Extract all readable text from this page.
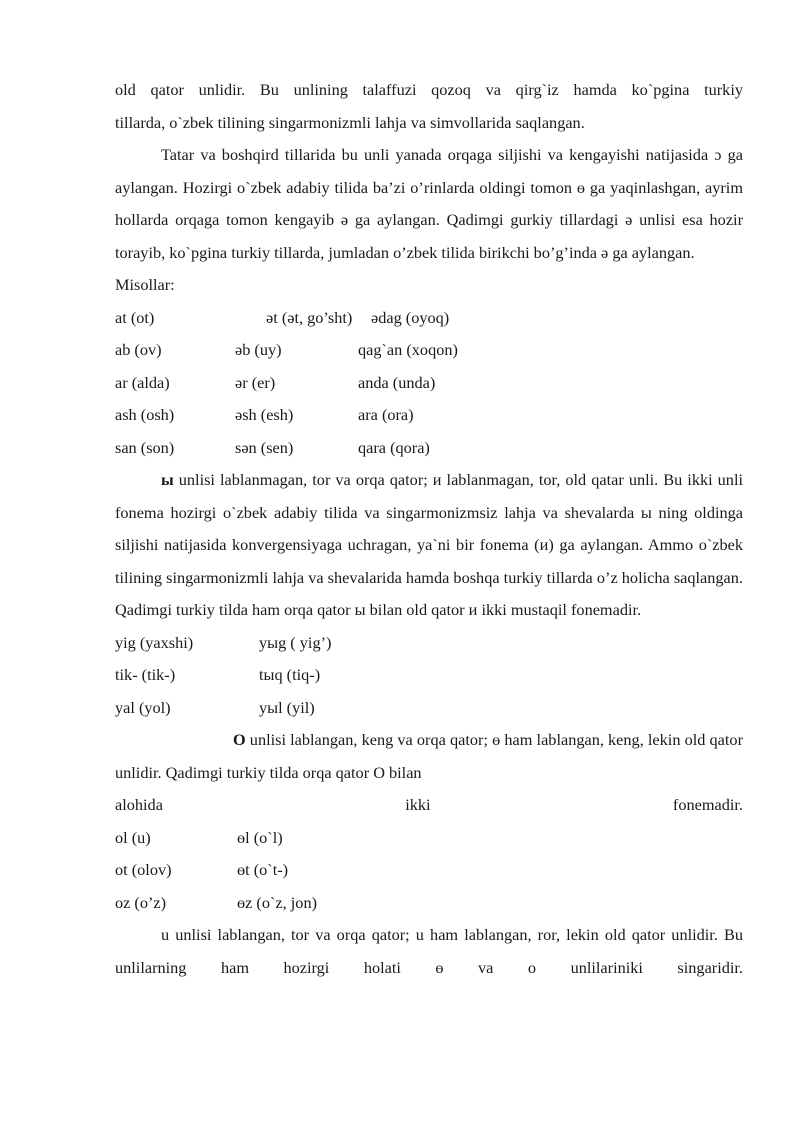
old qator unlidir. Bu unlining talaffuzi qozoq va qirg`iz hamda ko`pgina turkiy

tillarda, o`zbek tilining singarmonizmli lahja va simvollarida saqlangan.

Tatar va boshqird tillarida bu unli yanada orqaga siljishi va kengayishi natijasida ɔ ga aylangan. Hozirgi o`zbek adabiy tilida ba’zi o’rinlarda oldingi tomon ɵ ga yaqinlashgan, ayrim hollarda orqaga tomon kengayib ə ga aylangan. Qadimgi gurkiy tillardagi ə unlisi esa hozir torayib, ko`pgina turkiy tillarda, jumladan o’zbek tilida birikchi bo’g’inda ə ga aylangan.

Misollar:
at (ot)	ət (ət, go’sht) ədag (oyoq)
ab (ov)	əb (uy)	qag`an (xoqon)
ar (alda)	ər (er)	anda (unda)
ash (osh)	əsh (esh)	ara (ora)
san (son)	sən (sen)	qara (qora)

ы unlisi lablanmagan, tor va orqa qator; и lablanmagan, tor, old qatar unli. Bu ikki unli fonema hozirgi o`zbek adabiy tilida va singarmonizmsiz lahja va shevalarda ы ning oldinga siljishi natijasida konvergensiyaga uchragan, ya`ni bir fonema (и) ga aylangan. Ammo o`zbek tilining singarmonizmli lahja va shevalarida hamda boshqa turkiy tillarda o’z holicha saqlangan. Qadimgi turkiy tilda ham orqa qator ы bilan old qator и ikki mustaqil fonemadir.

yig (yaxshi)	yыg ( yig’)
tik- (tik-)	tыq (tiq-)
yal (yol)	yыl (yil)

O unlisi lablangan, keng va orqa qator; ɵ ham lablangan, keng, lekin old qator unlidir. Qadimgi turkiy tilda orqa qator O bilan

alohida	ikki	fonemadir.
ol (u)	ɵl (o`l)
ot (olov)	ɵt (o`t-)
oz (o’z)	ɵz (o`z, jon)

u unlisi lablangan, tor va orqa qator; u ham lablangan, ror, lekin old qator unlidir. Bu unlilarning ham hozirgi holati ɵ va o unlilariniki singaridir.
